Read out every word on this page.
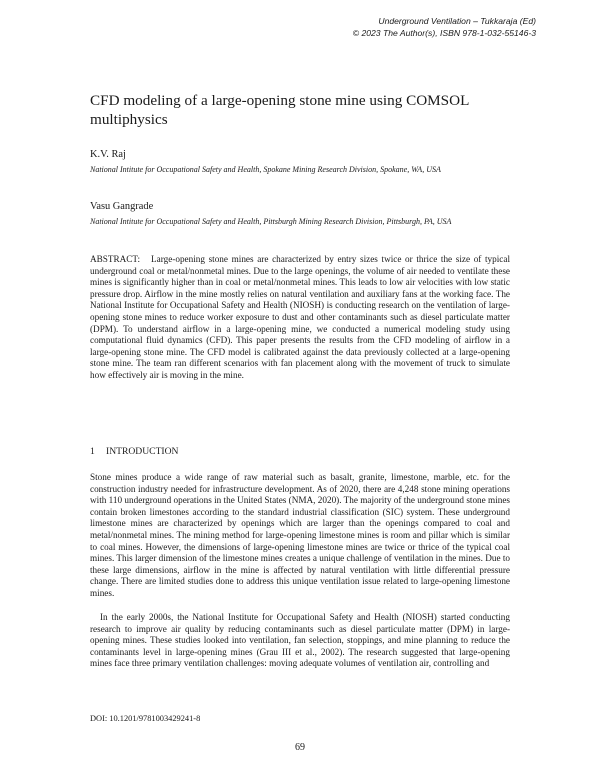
Underground Ventilation – Tukkaraja (Ed)
© 2023 The Author(s), ISBN 978-1-032-55146-3
CFD modeling of a large-opening stone mine using COMSOL multiphysics
K.V. Raj
National Intitute for Occupational Safety and Health, Spokane Mining Research Division, Spokane, WA, USA
Vasu Gangrade
National Intitute for Occupational Safety and Health, Pittsburgh Mining Research Division, Pittsburgh, PA, USA
ABSTRACT: Large-opening stone mines are characterized by entry sizes twice or thrice the size of typical underground coal or metal/nonmetal mines. Due to the large openings, the volume of air needed to ventilate these mines is significantly higher than in coal or metal/nonmetal mines. This leads to low air velocities with low static pressure drop. Airflow in the mine mostly relies on natural ventilation and auxiliary fans at the working face. The National Institute for Occupational Safety and Health (NIOSH) is conducting research on the ventilation of large-opening stone mines to reduce worker exposure to dust and other contaminants such as diesel particulate matter (DPM). To understand airflow in a large-opening mine, we conducted a numerical modeling study using computational fluid dynamics (CFD). This paper presents the results from the CFD modeling of airflow in a large-opening stone mine. The CFD model is calibrated against the data previously collected at a large-opening stone mine. The team ran different scenarios with fan placement along with the movement of truck to simulate how effectively air is moving in the mine.
1 INTRODUCTION

Stone mines produce a wide range of raw material such as basalt, granite, limestone, marble, etc. for the construction industry needed for infrastructure development. As of 2020, there are 4,248 stone mining operations with 110 underground operations in the United States (NMA, 2020). The majority of the underground stone mines contain broken limestones according to the standard industrial classification (SIC) system. These underground limestone mines are characterized by openings which are larger than the openings compared to coal and metal/nonmetal mines. The mining method for large-opening limestone mines is room and pillar which is similar to coal mines. However, the dimensions of large-opening limestone mines are twice or thrice of the typical coal mines. This larger dimension of the limestone mines creates a unique challenge of ventilation in the mines. Due to these large dimensions, airflow in the mine is affected by natural ventilation with little differential pressure change. There are limited studies done to address this unique ventilation issue related to large-opening limestone mines.

In the early 2000s, the National Institute for Occupational Safety and Health (NIOSH) started conducting research to improve air quality by reducing contaminants such as diesel particulate matter (DPM) in large-opening mines. These studies looked into ventilation, fan selection, stoppings, and mine planning to reduce the contaminants level in large-opening mines (Grau III et al., 2002). The research suggested that large-opening mines face three primary ventilation challenges: moving adequate volumes of ventilation air, controlling and

DOI: 10.1201/9781003429241-8
69
